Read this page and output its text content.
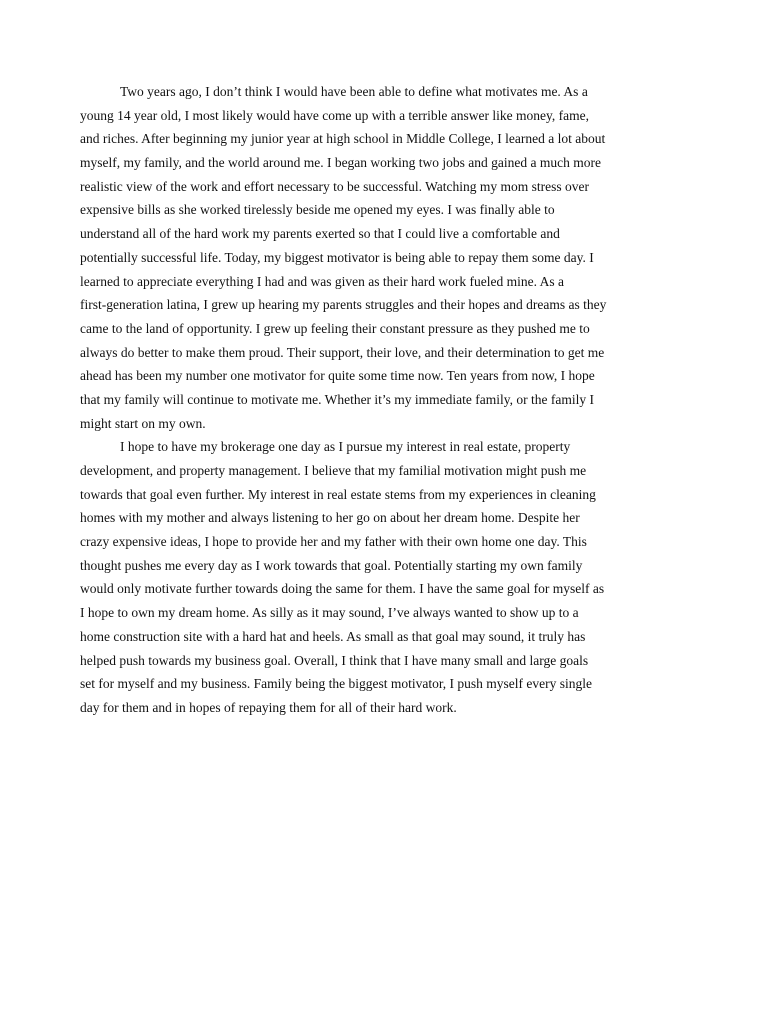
Two years ago, I don’t think I would have been able to define what motivates me. As a
young 14 year old, I most likely would have come up with a terrible answer like money, fame,
and riches. After beginning my junior year at high school in Middle College, I learned a lot about
myself, my family, and the world around me. I began working two jobs and gained a much more
realistic view of the work and effort necessary to be successful. Watching my mom stress over
expensive bills as she worked tirelessly beside me opened my eyes. I was finally able to
understand all of the hard work my parents exerted so that I could live a comfortable and
potentially successful life. Today, my biggest motivator is being able to repay them some day. I
learned to appreciate everything I had and was given as their hard work fueled mine. As a
first-generation latina, I grew up hearing my parents struggles and their hopes and dreams as they
came to the land of opportunity. I grew up feeling their constant pressure as they pushed me to
always do better to make them proud. Their support, their love, and their determination to get me
ahead has been my number one motivator for quite some time now. Ten years from now, I hope
that my family will continue to motivate me. Whether it’s my immediate family, or the family I
might start on my own.
I hope to have my brokerage one day as I pursue my interest in real estate, property
development, and property management. I believe that my familial motivation might push me
towards that goal even further. My interest in real estate stems from my experiences in cleaning
homes with my mother and always listening to her go on about her dream home. Despite her
crazy expensive ideas, I hope to provide her and my father with their own home one day. This
thought pushes me every day as I work towards that goal. Potentially starting my own family
would only motivate further towards doing the same for them. I have the same goal for myself as
I hope to own my dream home. As silly as it may sound, I’ve always wanted to show up to a
home construction site with a hard hat and heels. As small as that goal may sound, it truly has
helped push towards my business goal. Overall, I think that I have many small and large goals
set for myself and my business. Family being the biggest motivator, I push myself every single
day for them and in hopes of repaying them for all of their hard work.
